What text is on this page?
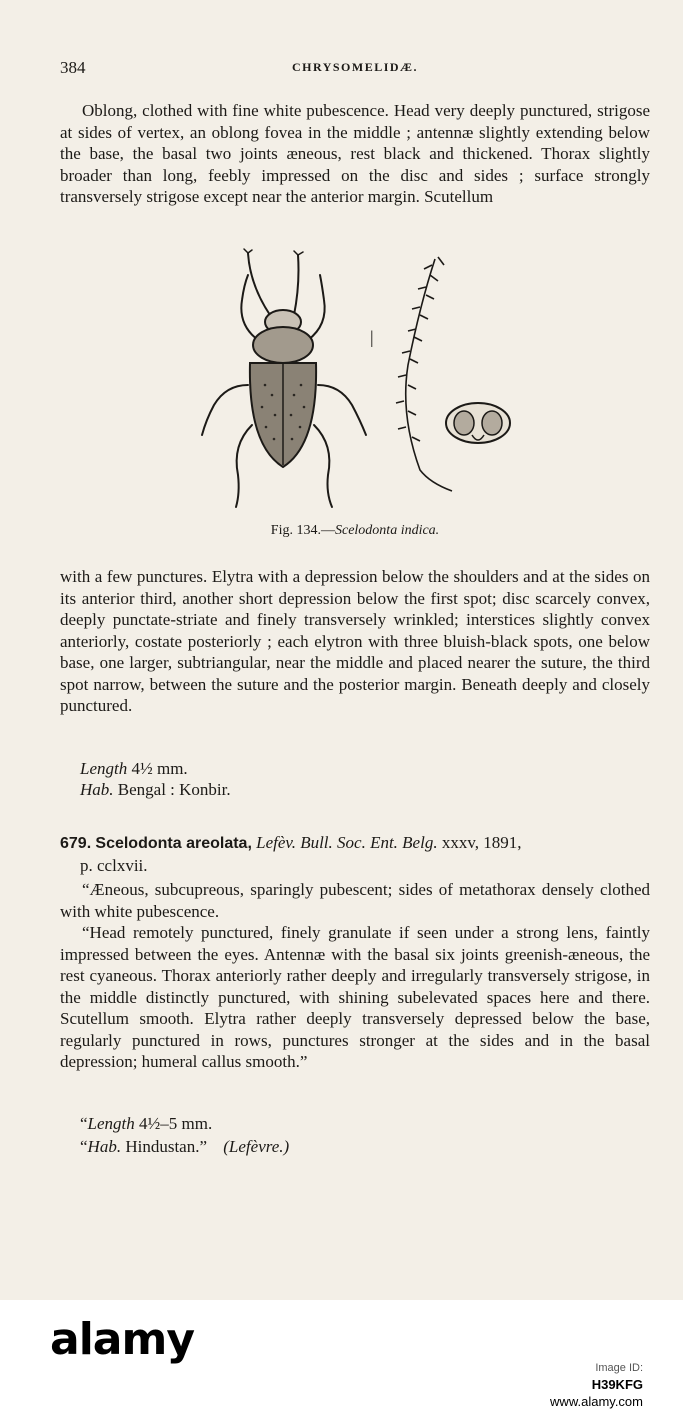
384	CHRYSOMELIDÆ.

Oblong, clothed with fine white pubescence. Head very deeply punctured, strigose at sides of vertex, an oblong fovea in the middle ; antennæ slightly extending below the base, the basal two joints æneous, rest black and thickened. Thorax slightly broader than long, feebly impressed on the disc and sides ; surface strongly transversely strigose except near the anterior margin. Scutellum

|
Fig. 134.—Scelodonta indica.

with a few punctures. Elytra with a depression below the shoulders and at the sides on its anterior third, another short depression below the first spot; disc scarcely convex, deeply punctate-striate and finely transversely wrinkled; interstices slightly convex anteriorly, costate posteriorly ; each elytron with three bluish-black spots, one below base, one larger, subtriangular, near the middle and placed nearer the suture, the third spot narrow, between the suture and the posterior margin. Beneath deeply and closely punctured.

Length 4½ mm.
Hab. Bengal : Konbir.
679. Scelodonta areolata, Lefèv. Bull. Soc. Ent. Belg. xxxv, 1891,
p. cclxvii.

“Æneous, subcupreous, sparingly pubescent; sides of metathorax densely clothed with white pubescence.

“Head remotely punctured, finely granulate if seen under a strong lens, faintly impressed between the eyes. Antennæ with the basal six joints greenish-æneous, the rest cyaneous. Thorax anteriorly rather deeply and irregularly transversely strigose, in the middle distinctly punctured, with shining subelevated spaces here and there. Scutellum smooth. Elytra rather deeply transversely depressed below the base, regularly punctured in rows, punctures stronger at the sides and in the basal depression; humeral callus smooth.”

“Length 4½–5 mm.
“Hab. Hindustan.” (Lefèvre.)
alamy
Image ID:
H39KFG
www.alamy.com
